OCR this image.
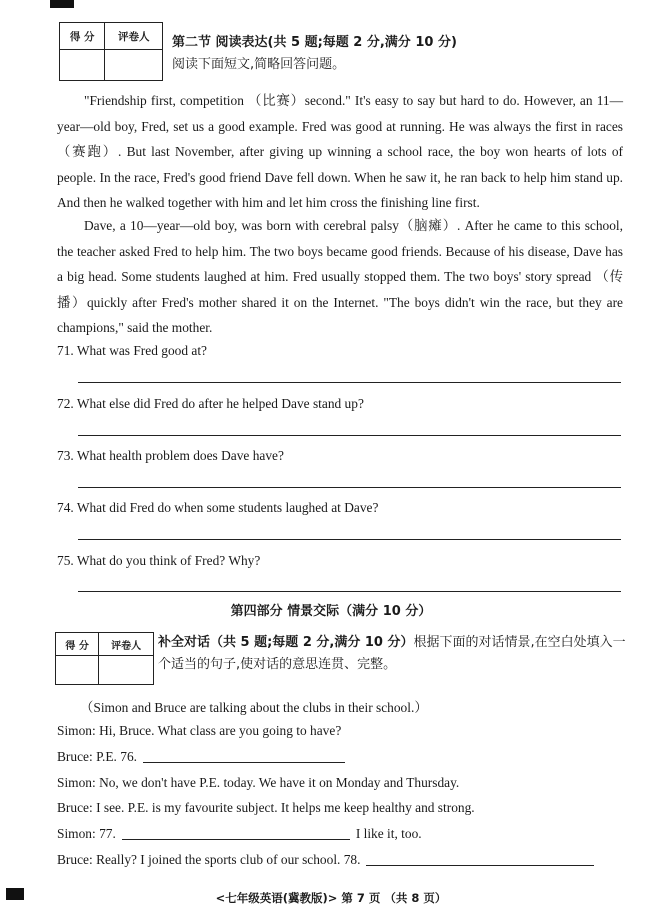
得 分	评卷人
	第二节 阅读表达(共 5 题;每题 2 分,满分 10 分)
阅读下面短文,简略回答问题。

"Friendship first, competition （比赛）second." It's easy to say but hard to do. However, an 11—year—old boy, Fred, set us a good example. Fred was good at running. He was always the first in races（赛跑）. But last November, after giving up winning a school race, the boy won hearts of lots of people. In the race, Fred's good friend Dave fell down. When he saw it, he ran back to help him stand up. And then he walked together with him and let him cross the finishing line first.

Dave, a 10—year—old boy, was born with cerebral palsy（脑瘫）. After he came to this school, the teacher asked Fred to help him. The two boys became good friends. Because of his disease, Dave has a big head. Some students laughed at him. Fred usually stopped them. The two boys' story spread （传播）quickly after Fred's mother shared it on the Internet. "The boys didn't win the race, but they are champions," said the mother.

71. What was Fred good at?
72. What else did Fred do after he helped Dave stand up?
73. What health problem does Dave have?
74. What did Fred do when some students laughed at Dave?
75. What do you think of Fred? Why?
第四部分 情景交际（满分 10 分）
得 分	评卷人
	补全对话（共 5 题;每题 2 分,满分 10 分）根据下面的对话情景,在空白处填入一个适当的句子,使对话的意思连贯、完整。
（Simon and Bruce are talking about the clubs in their school.）
Simon: Hi, Bruce. What class are you going to have?
Bruce: P.E. 76.
Simon: No, we don't have P.E. today. We have it on Monday and Thursday.
Bruce: I see. P.E. is my favourite subject. It helps me keep healthy and strong.
Simon: 77.	I like it, too.
Bruce: Really? I joined the sports club of our school. 78.
<七年级英语(冀教版)> 第 7 页 （共 8 页）
